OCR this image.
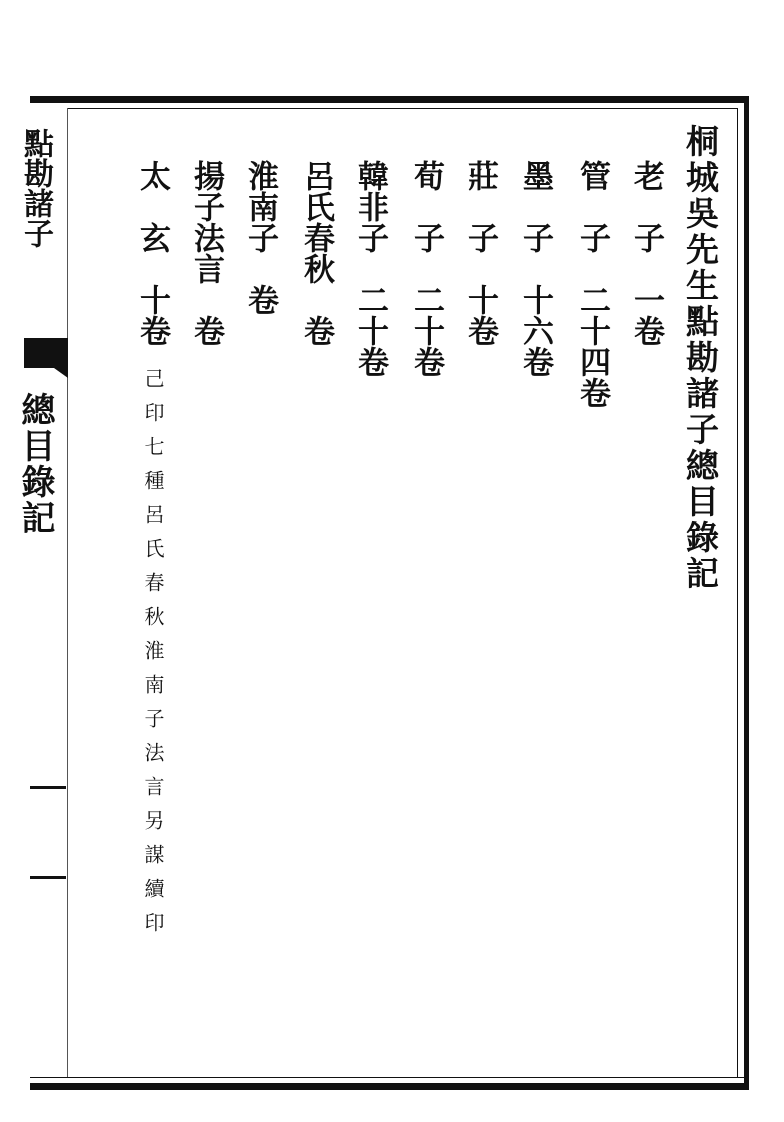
桐城吳先生點勘諸子總目錄記
老　子　一卷
管　子　二十四卷
墨　子　十六卷
莊　子　十卷
荀　子　二十卷
韓非子　二十卷
呂氏春秋　卷
淮南子　卷
揚子法言　卷
太　玄　十卷
己印七種呂氏春秋淮南子法言另謀續印
點勘諸子
總目錄記
